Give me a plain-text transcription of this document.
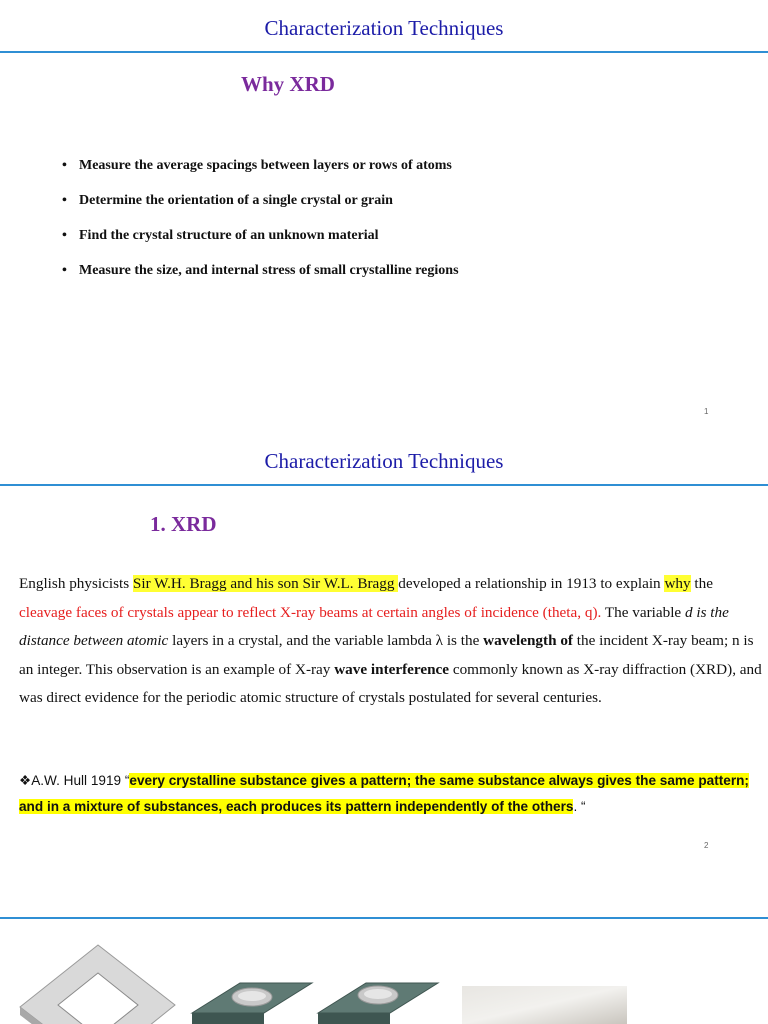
Characterization Techniques
Why XRD
• Measure the average spacings between layers or rows of atoms
• Determine the orientation of a single crystal or grain
• Find the crystal structure of an unknown material
• Measure the size, and internal stress of small crystalline regions
1
Characterization Techniques
1. XRD
English physicists Sir W.H. Bragg and his son Sir W.L. Bragg developed a relationship in 1913 to explain why the cleavage faces of crystals appear to reflect X-ray beams at certain angles of incidence (theta, q). The variable d is the distance between atomic layers in a crystal, and the variable lambda λ is the wavelength of the incident X-ray beam; n is an integer. This observation is an example of X-ray wave interference commonly known as X-ray diffraction (XRD), and was direct evidence for the periodic atomic structure of crystals postulated for several centuries.
❖A.W. Hull 1919 “every crystalline substance gives a pattern; the same substance always gives the same pattern; and in a mixture of substances, each produces its pattern independently of the others. “
2
